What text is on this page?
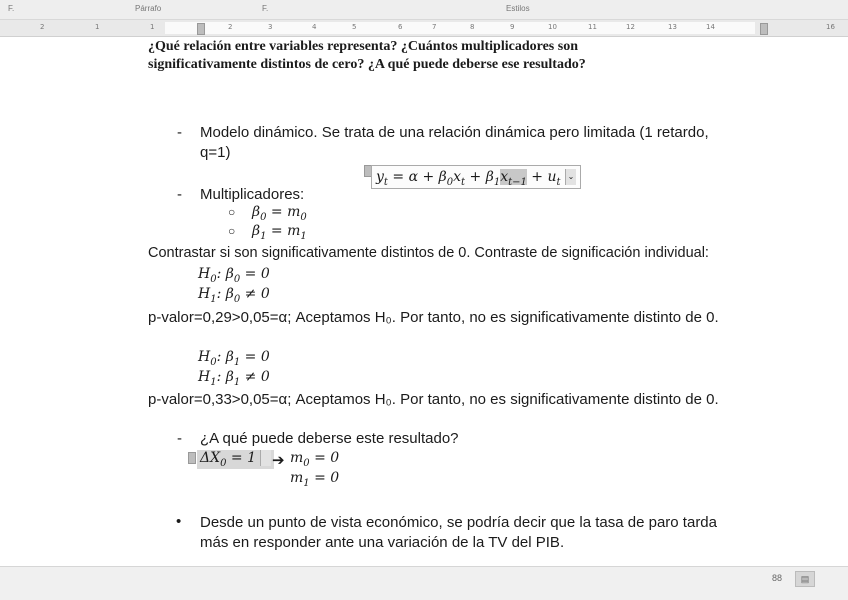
F.	Párrafo	F.	Estilos
2	1	1	2	3	4	5	6	7	8	9	10	11	12	13	14	16
¿Qué relación entre variables representa? ¿Cuántos multiplicadores son
significativamente distintos de cero? ¿A qué puede deberse ese resultado?
- Modelo dinámico. Se trata de una relación dinámica pero limitada (1 retardo,
q=1)
$y_t = \alpha + \beta_0x_t + \beta_1x_{t-1} + u_t$ ⌄
- Multiplicadores:
○ $\beta_0 = m_0$
○ $\beta_1 = m_1$
Contrastar si son significativamente distintos de 0. Contraste de significación individual:
$H_0$: $\beta_0 = 0$
$H_1$: $\beta_0 \ne 0$
p-valor=0,29>0,05=α; Aceptamos H₀. Por tanto, no es significativamente distinto de 0.
$H_0$: $\beta_1 = 0$
$H_1$: $\beta_1 \ne 0$
p-valor=0,33>0,05=α; Aceptamos H₀. Por tanto, no es significativamente distinto de 0.
- ¿A qué puede deberse este resultado?
$\Delta X_0 = 1$	➔ $m_0 = 0$
$m_1 = 0$
• Desde un punto de vista económico, se podría decir que la tasa de paro tarda
más en responder ante una variación de la TV del PIB.
88	▤
